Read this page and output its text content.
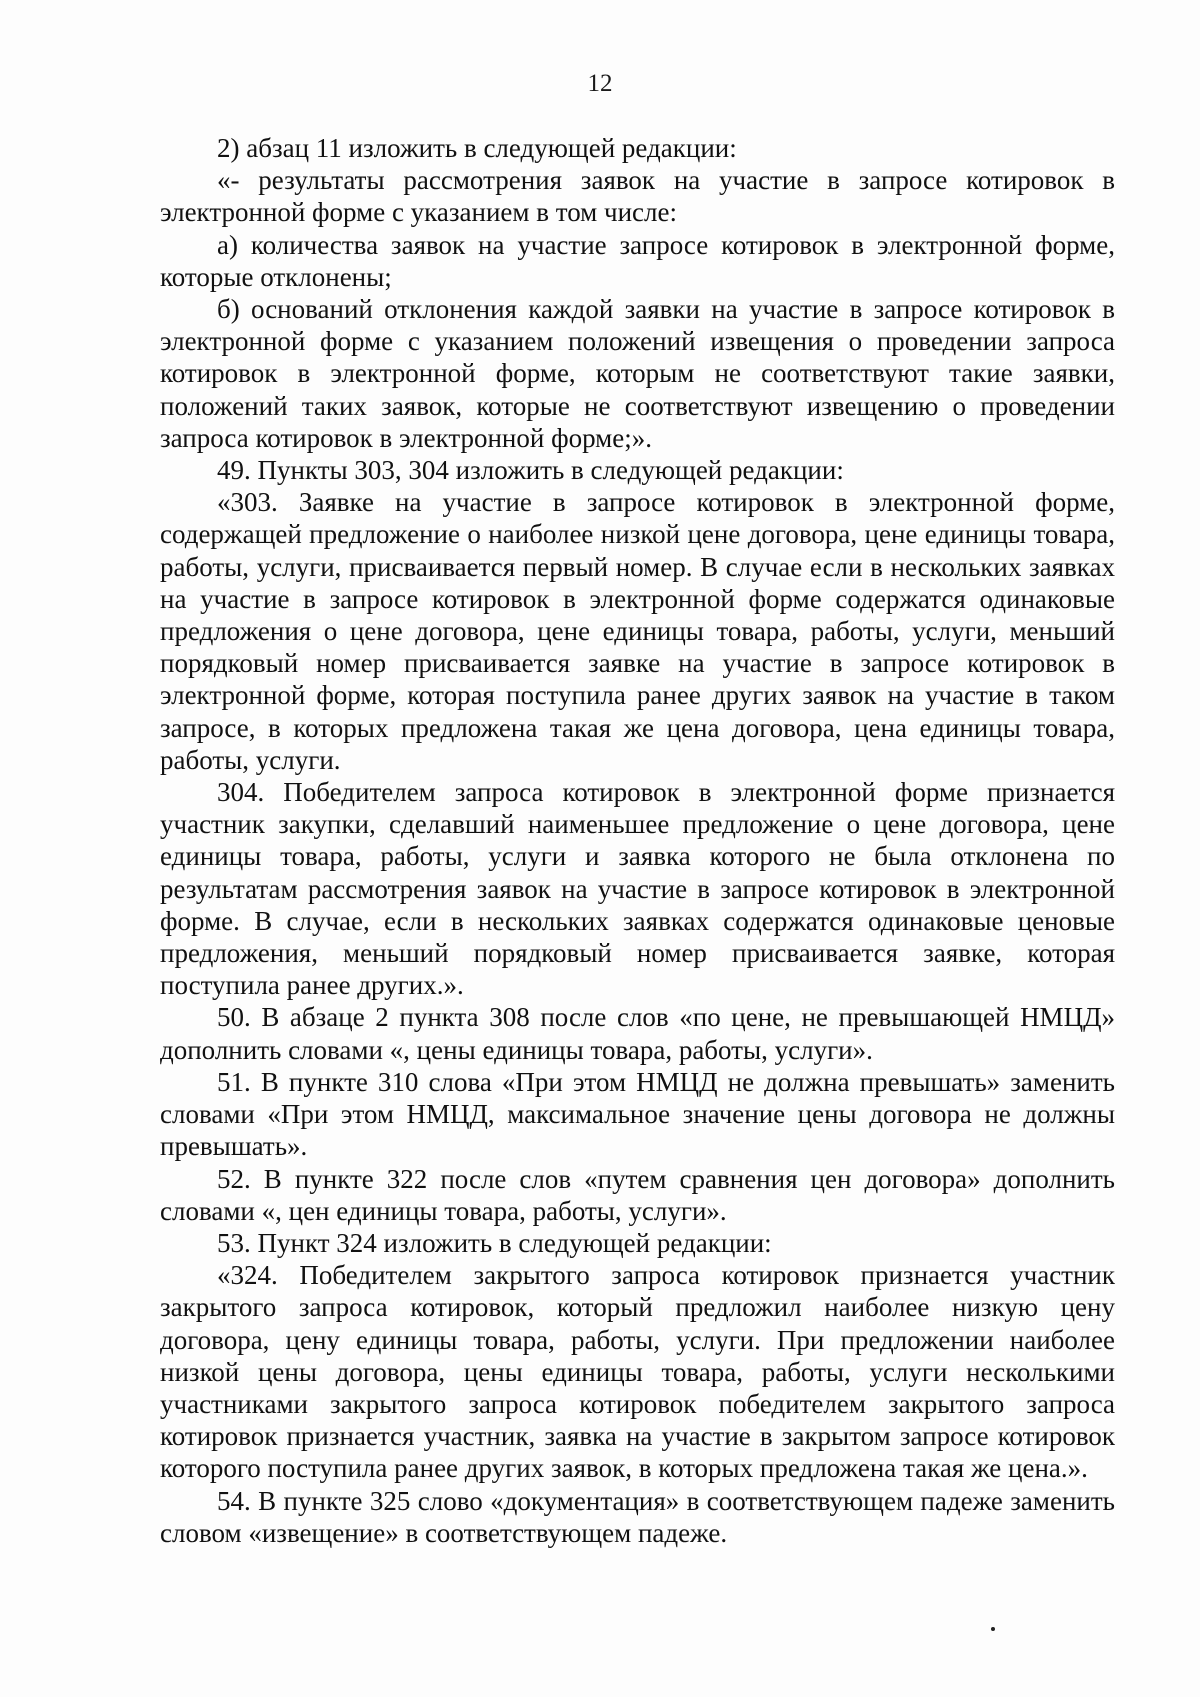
12

2) абзац 11 изложить в следующей редакции:

«- результаты рассмотрения заявок на участие в запросе котировок в электронной форме с указанием в том числе:

а) количества заявок на участие запросе котировок в электронной форме, которые отклонены;

б) оснований отклонения каждой заявки на участие в запросе котировок в электронной форме с указанием положений извещения о проведении запроса котировок в электронной форме, которым не соответствуют такие заявки, положений таких заявок, которые не соответствуют извещению о проведении запроса котировок в электронной форме;».

49. Пункты 303, 304 изложить в следующей редакции:

«303. Заявке на участие в запросе котировок в электронной форме, содержащей предложение о наиболее низкой цене договора, цене единицы товара, работы, услуги, присваивается первый номер. В случае если в нескольких заявках на участие в запросе котировок в электронной форме содержатся одинаковые предложения о цене договора, цене единицы товара, работы, услуги, меньший порядковый номер присваивается заявке на участие в запросе котировок в электронной форме, которая поступила ранее других заявок на участие в таком запросе, в которых предложена такая же цена договора, цена единицы товара, работы, услуги.

304. Победителем запроса котировок в электронной форме признается участник закупки, сделавший наименьшее предложение о цене договора, цене единицы товара, работы, услуги и заявка которого не была отклонена по результатам рассмотрения заявок на участие в запросе котировок в электронной форме. В случае, если в нескольких заявках содержатся одинаковые ценовые предложения, меньший порядковый номер присваивается заявке, которая поступила ранее других.».

50. В абзаце 2 пункта 308 после слов «по цене, не превышающей НМЦД» дополнить словами «, цены единицы товара, работы, услуги».

51. В пункте 310 слова «При этом НМЦД не должна превышать» заменить словами «При этом НМЦД, максимальное значение цены договора не должны превышать».

52. В пункте 322 после слов «путем сравнения цен договора» дополнить словами «, цен единицы товара, работы, услуги».

53. Пункт 324 изложить в следующей редакции:

«324. Победителем закрытого запроса котировок признается участник закрытого запроса котировок, который предложил наиболее низкую цену договора, цену единицы товара, работы, услуги. При предложении наиболее низкой цены договора, цены единицы товара, работы, услуги несколькими участниками закрытого запроса котировок победителем закрытого запроса котировок признается участник, заявка на участие в закрытом запросе котировок которого поступила ранее других заявок, в которых предложена такая же цена.».

54. В пункте 325 слово «документация» в соответствующем падеже заменить словом «извещение» в соответствующем падеже.
